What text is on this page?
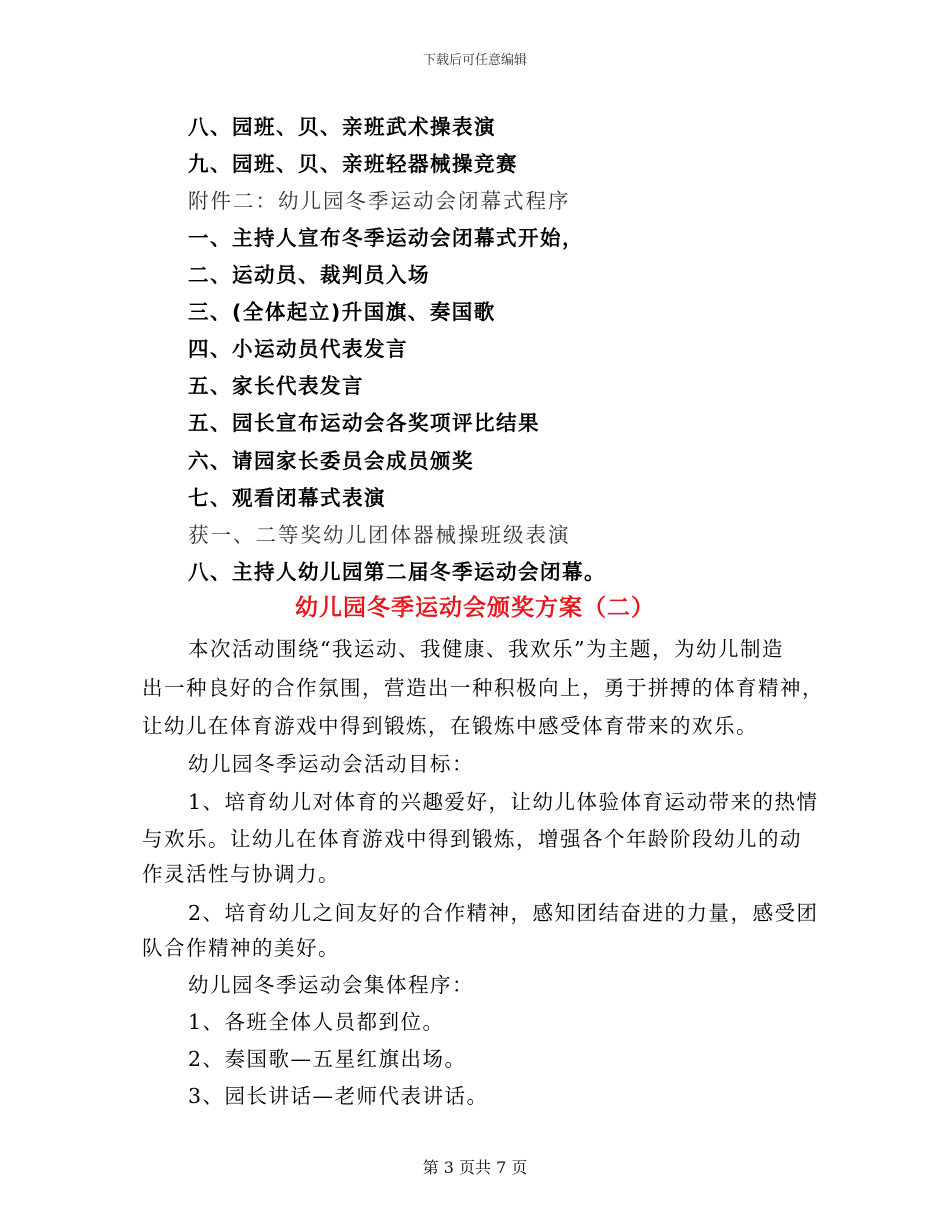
下载后可任意编辑
八、园班、贝、亲班武术操表演
九、园班、贝、亲班轻器械操竞赛
附件二：幼儿园冬季运动会闭幕式程序
一、主持人宣布冬季运动会闭幕式开始，
二、运动员、裁判员入场
三、(全体起立)升国旗、奏国歌
四、小运动员代表发言
五、家长代表发言
五、园长宣布运动会各奖项评比结果
六、请园家长委员会成员颁奖
七、观看闭幕式表演
获一、二等奖幼儿团体器械操班级表演
八、主持人幼儿园第二届冬季运动会闭幕。
幼儿园冬季运动会颁奖方案（二）
本次活动围绕“我运动、我健康、我欢乐”为主题，为幼儿制造
出一种良好的合作氛围，营造出一种积极向上，勇于拼搏的体育精神，
让幼儿在体育游戏中得到锻炼，在锻炼中感受体育带来的欢乐。
幼儿园冬季运动会活动目标：
1、培育幼儿对体育的兴趣爱好，让幼儿体验体育运动带来的热情
与欢乐。让幼儿在体育游戏中得到锻炼，增强各个年龄阶段幼儿的动
作灵活性与协调力。
2、培育幼儿之间友好的合作精神，感知团结奋进的力量，感受团
队合作精神的美好。
幼儿园冬季运动会集体程序：
1、各班全体人员都到位。
2、奏国歌—五星红旗出场。
3、园长讲话—老师代表讲话。
第 3 页共 7 页
